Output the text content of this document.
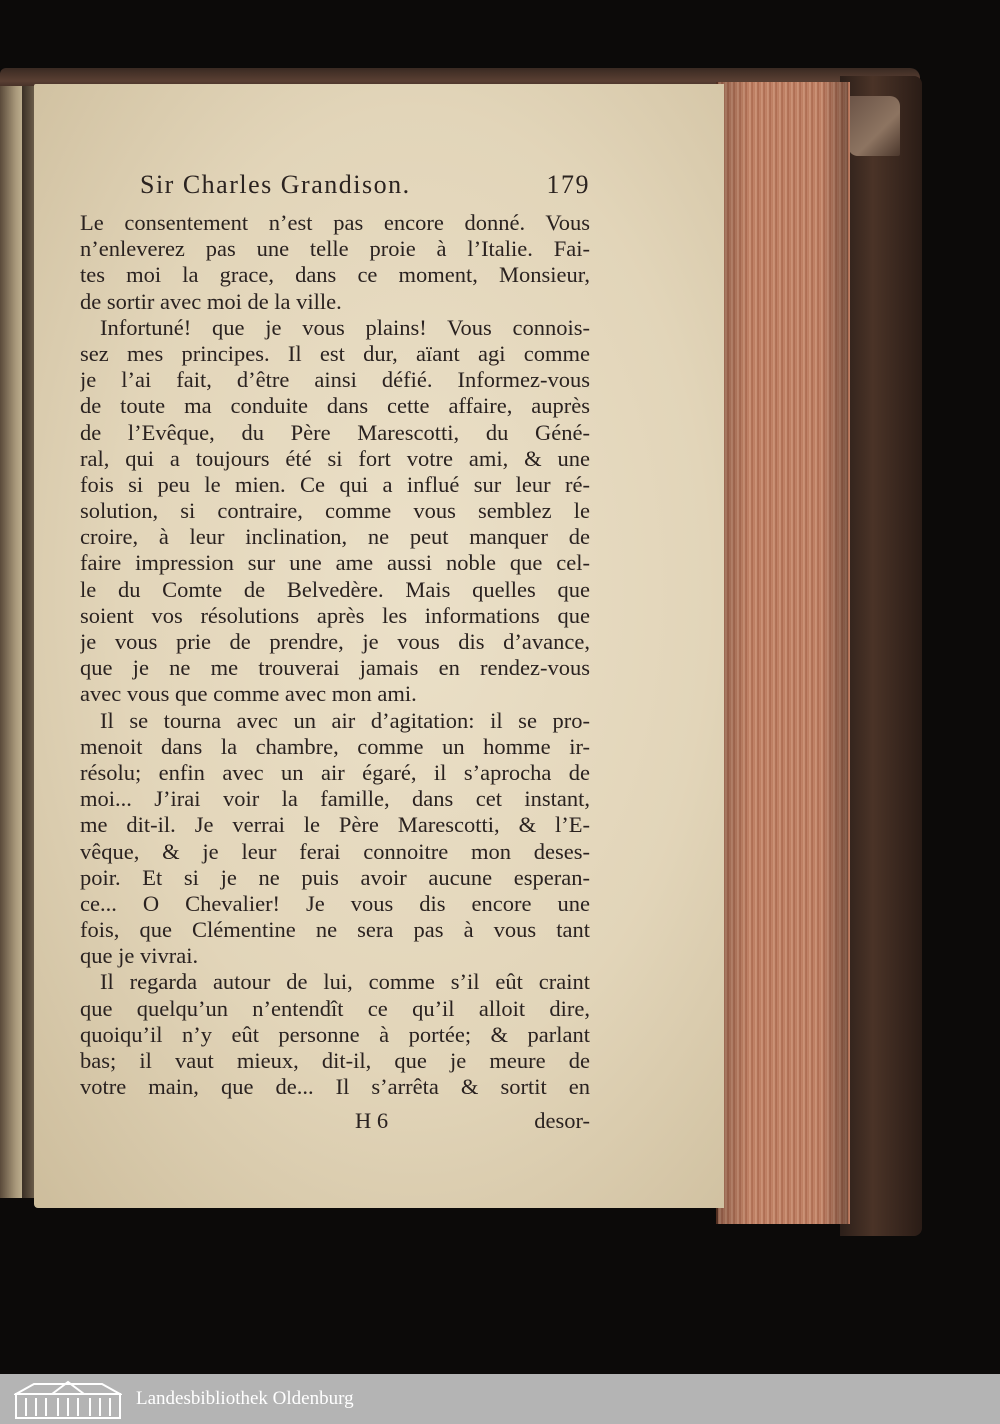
Sir Charles Grandison.	179
Le consentement n’est pas encore donné. Vous
n’enleverez pas une telle proie à l’Italie. Fai-
tes moi la grace, dans ce moment, Monsieur,
de sortir avec moi de la ville.
Infortuné! que je vous plains! Vous connois-
sez mes principes. Il est dur, aïant agi comme
je l’ai fait, d’être ainsi défié. Informez-vous
de toute ma conduite dans cette affaire, auprès
de l’Evêque, du Père Marescotti, du Géné-
ral, qui a toujours été si fort votre ami, & une
fois si peu le mien. Ce qui a influé sur leur ré-
solution, si contraire, comme vous semblez le
croire, à leur inclination, ne peut manquer de
faire impression sur une ame aussi noble que cel-
le du Comte de Belvedère. Mais quelles que
soient vos résolutions après les informations que
je vous prie de prendre, je vous dis d’avance,
que je ne me trouverai jamais en rendez-vous
avec vous que comme avec mon ami.
Il se tourna avec un air d’agitation: il se pro-
menoit dans la chambre, comme un homme ir-
résolu; enfin avec un air égaré, il s’aprocha de
moi... J’irai voir la famille, dans cet instant,
me dit-il. Je verrai le Père Marescotti, & l’E-
vêque, & je leur ferai connoitre mon deses-
poir. Et si je ne puis avoir aucune esperan-
ce... O Chevalier! Je vous dis encore une
fois, que Clémentine ne sera pas à vous tant
que je vivrai.
Il regarda autour de lui, comme s’il eût craint
que quelqu’un n’entendît ce qu’il alloit dire,
quoiqu’il n’y eût personne à portée; & parlant
bas; il vaut mieux, dit-il, que je meure de
votre main, que de... Il s’arrêta & sortit en
H 6	desor-
Landesbibliothek Oldenburg
